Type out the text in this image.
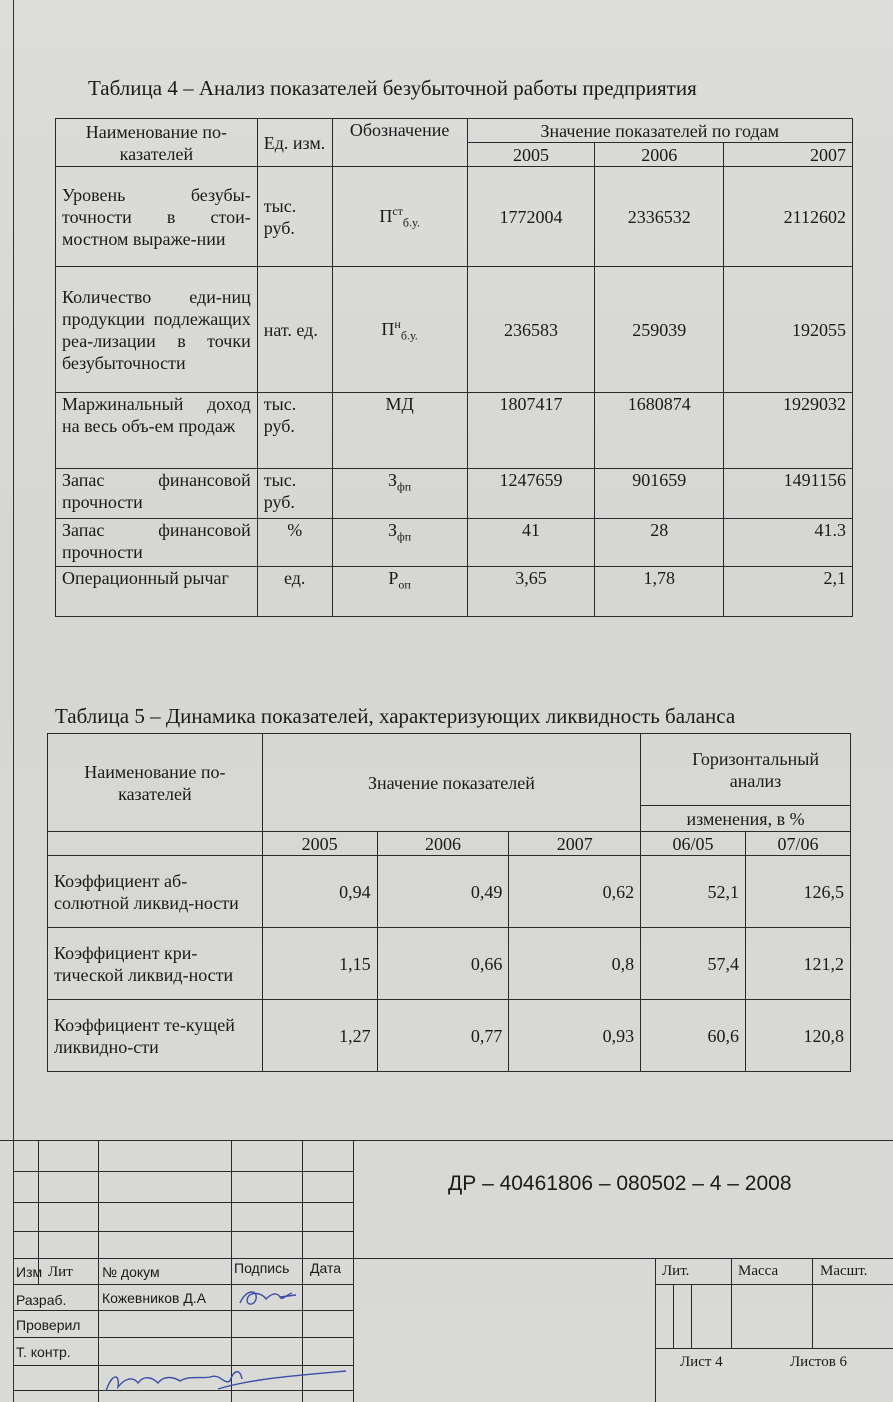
Таблица 4 – Анализ показателей безубыточной работы предприятия
Наименование по-казателей	Ед. изм.	Обозначение	Значение показателей по годам		
			2005	2006	2007
Уровень безубы-точности в стои-мостном выраже-нии	тыс. руб.	$П^{ст}_{б.у.}$	1772004	2336532	2112602
Количество еди-ниц продукции подлежащих реа-лизации в точки безубыточности	нат. ед.	$П^н_{б.у.}$	236583	259039	192055
Маржинальный доход на весь объ-ем продаж	тыс. руб.	МД	1807417	1680874	1929032
Запас финансовой прочности	тыс. руб.	$З_{фп}$	1247659	901659	1491156
Запас финансовой прочности	%	$З_{фп}$	41	28	41.3
Операционный рычаг	ед.	$Р_{оп}$	3,65	1,78	2,1
Таблица 5 – Динамика показателей, характеризующих ликвидность баланса
Наименование по-казателей	Значение показателей			Горизонтальный анализ	
				изменения, в %	
	2005	2006	2007	06/05	07/06
Коэффициент аб-солютной ликвид-ности	0,94	0,49	0,62	52,1	126,5
Коэффициент кри-тической ликвид-ности	1,15	0,66	0,8	57,4	121,2
Коэффициент те-кущей ликвидно-сти	1,27	0,77	0,93	60,6	120,8
ДР – 40461806 – 080502 – 4 – 2008
Изм Лит № докум	Подпись Дата
Разраб.	Кожевников Д.А
Проверил
Т. контр.
Лит.	Масса	Масшт.
Лист 4	Листов 6
